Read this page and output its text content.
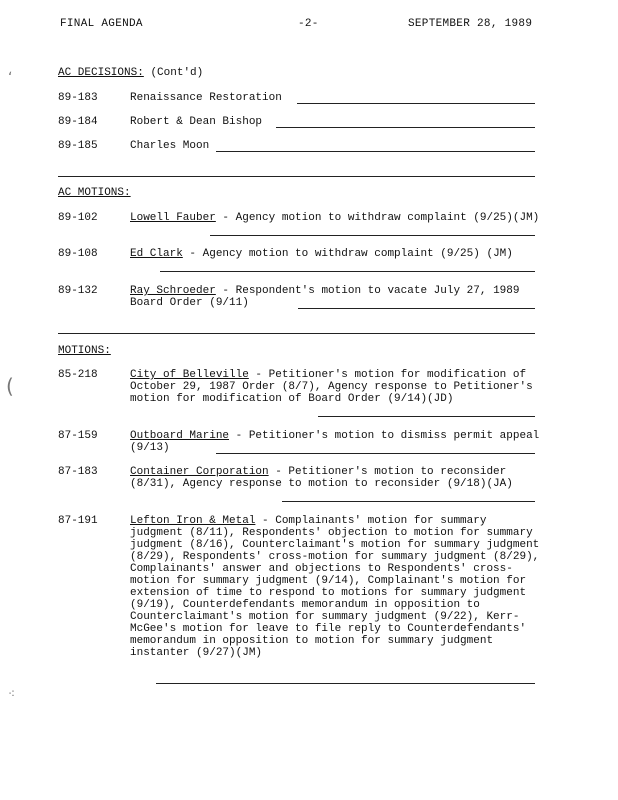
FINAL AGENDA	-2-	SEPTEMBER 28, 1989
ʻ	AC DECISIONS: (Cont'd)
89-183	Renaissance Restoration
89-184	Robert & Dean Bishop
89-185	Charles Moon
AC MOTIONS:
89-102	Lowell Fauber - Agency motion to withdraw complaint (9/25)(JM)
89-108	Ed Clark - Agency motion to withdraw complaint (9/25) (JM)
89-132	Ray Schroeder - Respondent's motion to vacate July 27, 1989 Board Order (9/11)
MOTIONS:
(	85-218	City of Belleville - Petitioner's motion for modification of October 29, 1987 Order (8/7), Agency response to Petitioner's motion for modification of Board Order (9/14)(JD)
87-159	Outboard Marine - Petitioner's motion to dismiss permit appeal (9/13)
87-183	Container Corporation - Petitioner's motion to reconsider (8/31), Agency response to motion to reconsider (9/18)(JA)
87-191	Lefton Iron & Metal - Complainants' motion for summary judgment (8/11), Respondents' objection to motion for summary judgment (8/16), Counterclaimant's motion for summary judgment (8/29), Respondents' cross-motion for summary judgment (8/29), Complainants' answer and objections to Respondents' cross-motion for summary judgment (9/14), Complainant's motion for extension of time to respond to motions for summary judgment (9/19), Counterdefendants memorandum in opposition to Counterclaimant's motion for summary judgment (9/22), Kerr-McGee's motion for leave to file reply to Counterdefendants' memorandum in opposition to motion for summary judgment instanter (9/27)(JM)
⁖
